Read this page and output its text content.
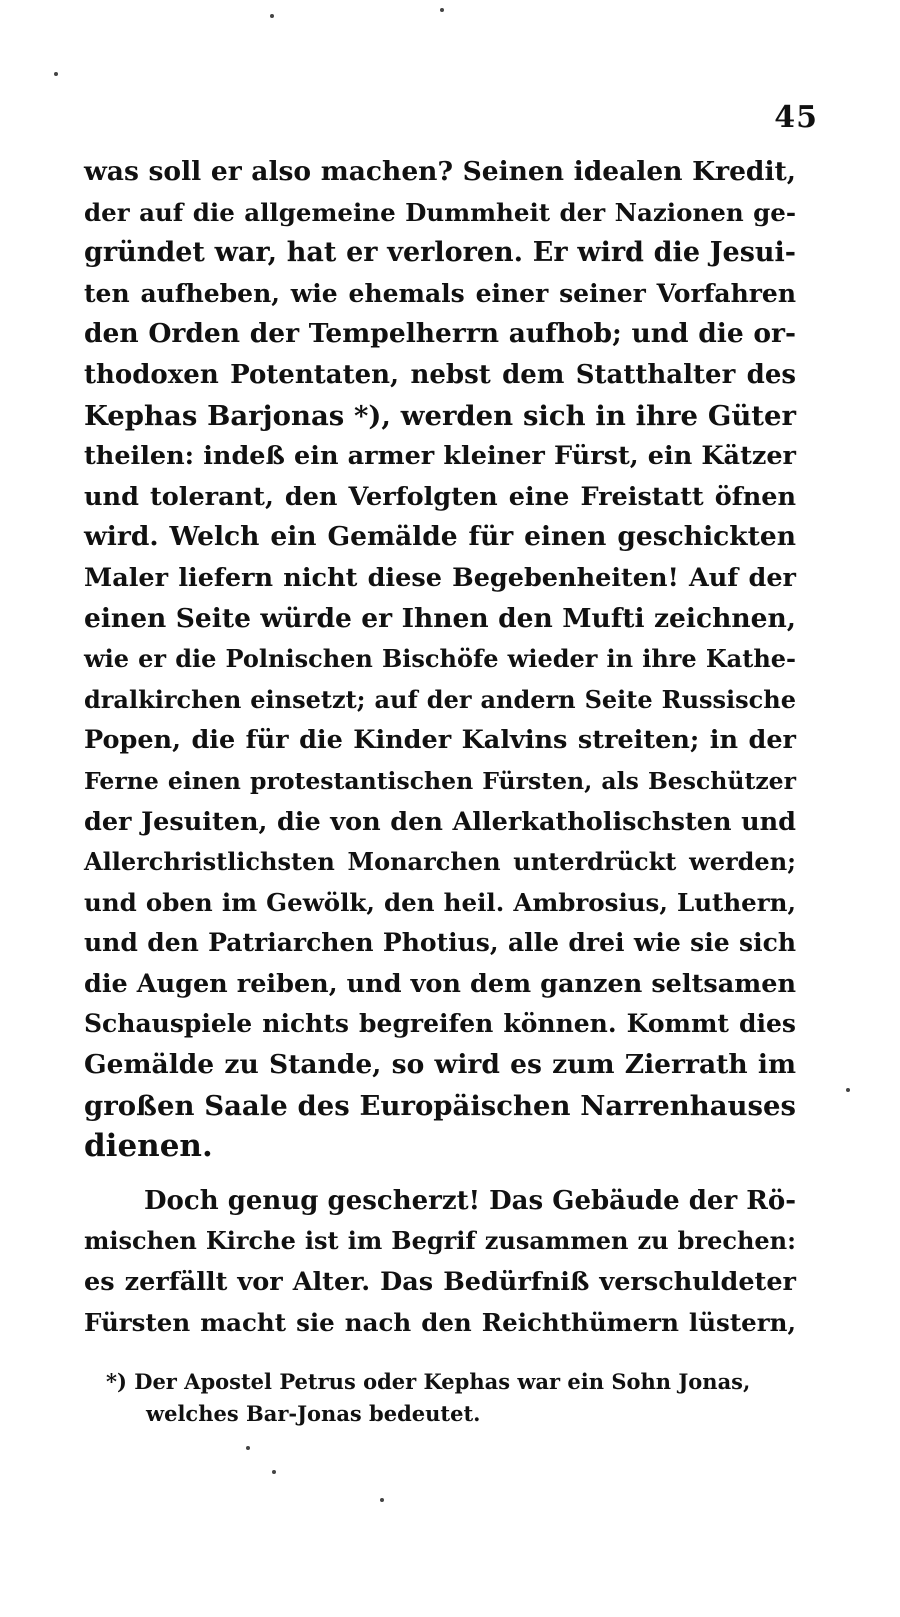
45
was soll er also machen? Seinen idealen Kredit,
der auf die allgemeine Dummheit der Nazionen ge-
gründet war, hat er verloren. Er wird die Jesui-
ten aufheben, wie ehemals einer seiner Vorfahren
den Orden der Tempelherrn aufhob; und die or-
thodoxen Potentaten, nebst dem Statthalter des
Kephas Barjonas *), werden sich in ihre Güter
theilen: indeß ein armer kleiner Fürst, ein Kätzer
und tolerant, den Verfolgten eine Freistatt öfnen
wird. Welch ein Gemälde für einen geschickten
Maler liefern nicht diese Begebenheiten! Auf der
einen Seite würde er Ihnen den Mufti zeichnen,
wie er die Polnischen Bischöfe wieder in ihre Kathe-
dralkirchen einsetzt; auf der andern Seite Russische
Popen, die für die Kinder Kalvins streiten; in der
Ferne einen protestantischen Fürsten, als Beschützer
der Jesuiten, die von den Allerkatholischsten und
Allerchristlichsten Monarchen unterdrückt werden;
und oben im Gewölk, den heil. Ambrosius, Luthern,
und den Patriarchen Photius, alle drei wie sie sich
die Augen reiben, und von dem ganzen seltsamen
Schauspiele nichts begreifen können. Kommt dies
Gemälde zu Stande, so wird es zum Zierrath im
großen Saale des Europäischen Narrenhauses
dienen.
Doch genug gescherzt! Das Gebäude der Rö-
mischen Kirche ist im Begrif zusammen zu brechen:
es zerfällt vor Alter. Das Bedürfniß verschuldeter
Fürsten macht sie nach den Reichthümern lüstern,
*) Der Apostel Petrus oder Kephas war ein Sohn Jonas,
welches Bar-Jonas bedeutet.
